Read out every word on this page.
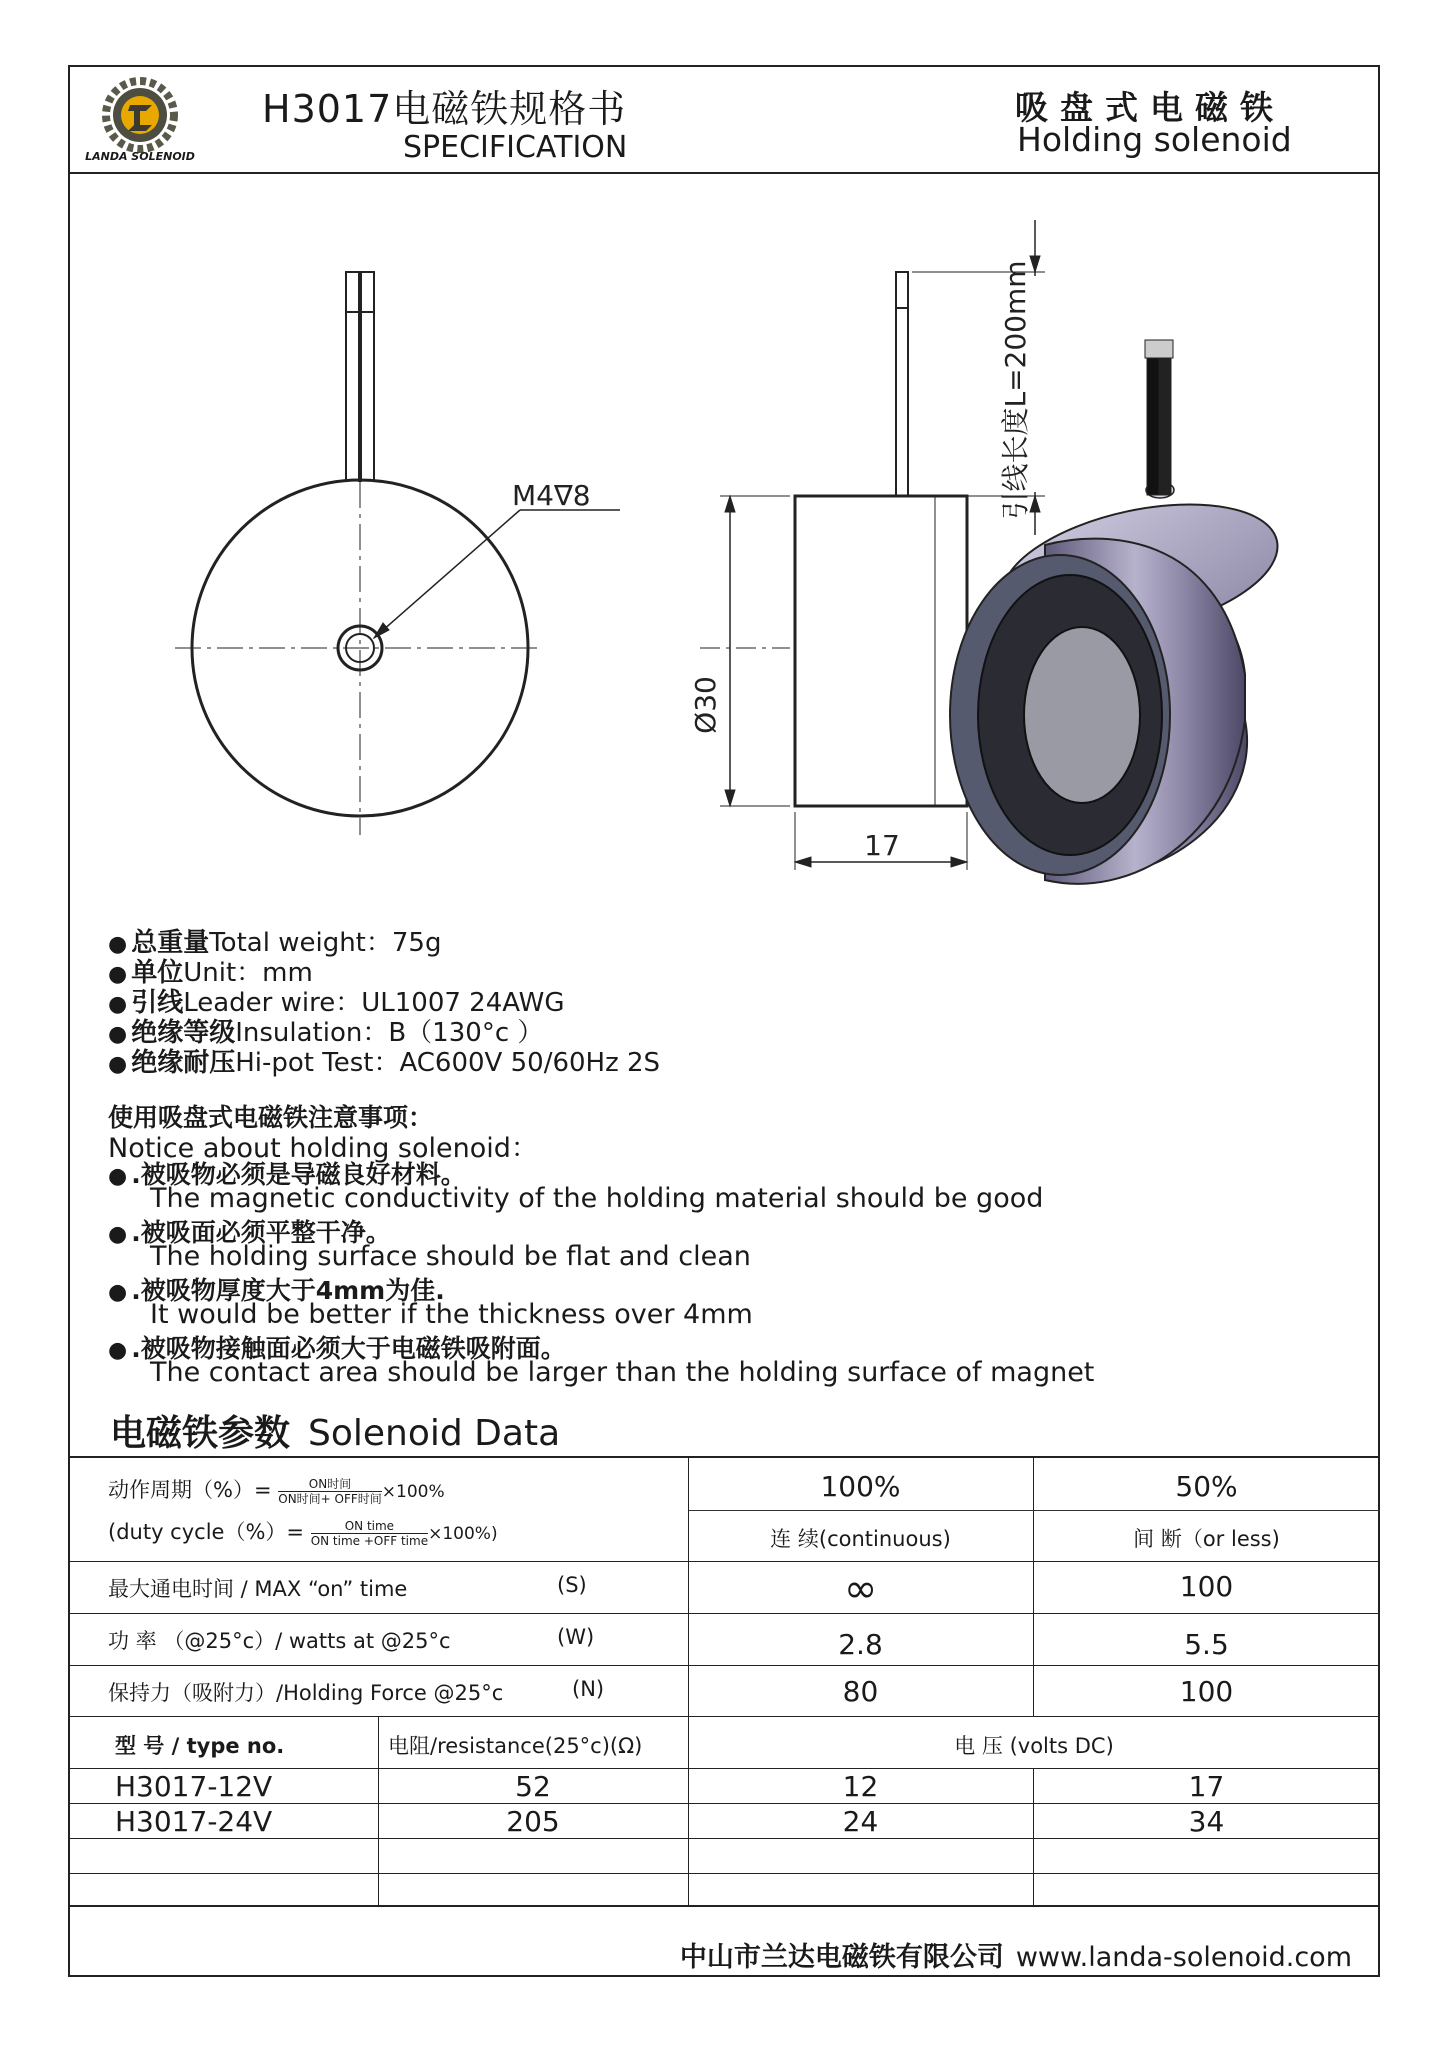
LANDA SOLENOID
H3017电磁铁规格书
SPECIFICATION
吸盘式电磁铁
Holding solenoid
M4∇8
Ø30
17
引线长度L=200mm
● 总重量Total weight：75g
● 单位Unit：mm
● 引线Leader wire：UL1007 24AWG
● 绝缘等级Insulation：B（130°c ）
● 绝缘耐压Hi-pot Test：AC600V 50/60Hz 2S
使用吸盘式电磁铁注意事项：
Notice about holding solenoid：
● .被吸物必须是导磁良好材料。
The magnetic conductivity of the holding material should be good
● .被吸面必须平整干净。
The holding surface should be flat and clean
● .被吸物厚度大于4mm为佳.
It would be better if the thickness over 4mm
● .被吸物接触面必须大于电磁铁吸附面。
The contact area should be larger than the holding surface of magnet
电磁铁参数 Solenoid Data
动作周期（%）=	ON时间
ON时间+ OFF时间 ×100%
(duty cycle（%）=	ON time
ON time +OFF time ×100%)
100%	50%
连 续(continuous)	间 断（or less)
最大通电时间 / MAX “on” time	(S)	∞	100
功 率 （@25°c）/ watts at @25°c	(W)	2.8	5.5
保持力（吸附力）/Holding Force @25°c	(N)	80	100
型 号 / type no.	电阻/resistance(25°c)(Ω)	电 压 (volts DC)
H3017-12V	52	12	17
H3017-24V	205	24	34
中山市兰达电磁铁有限公司 www.landa-solenoid.com
